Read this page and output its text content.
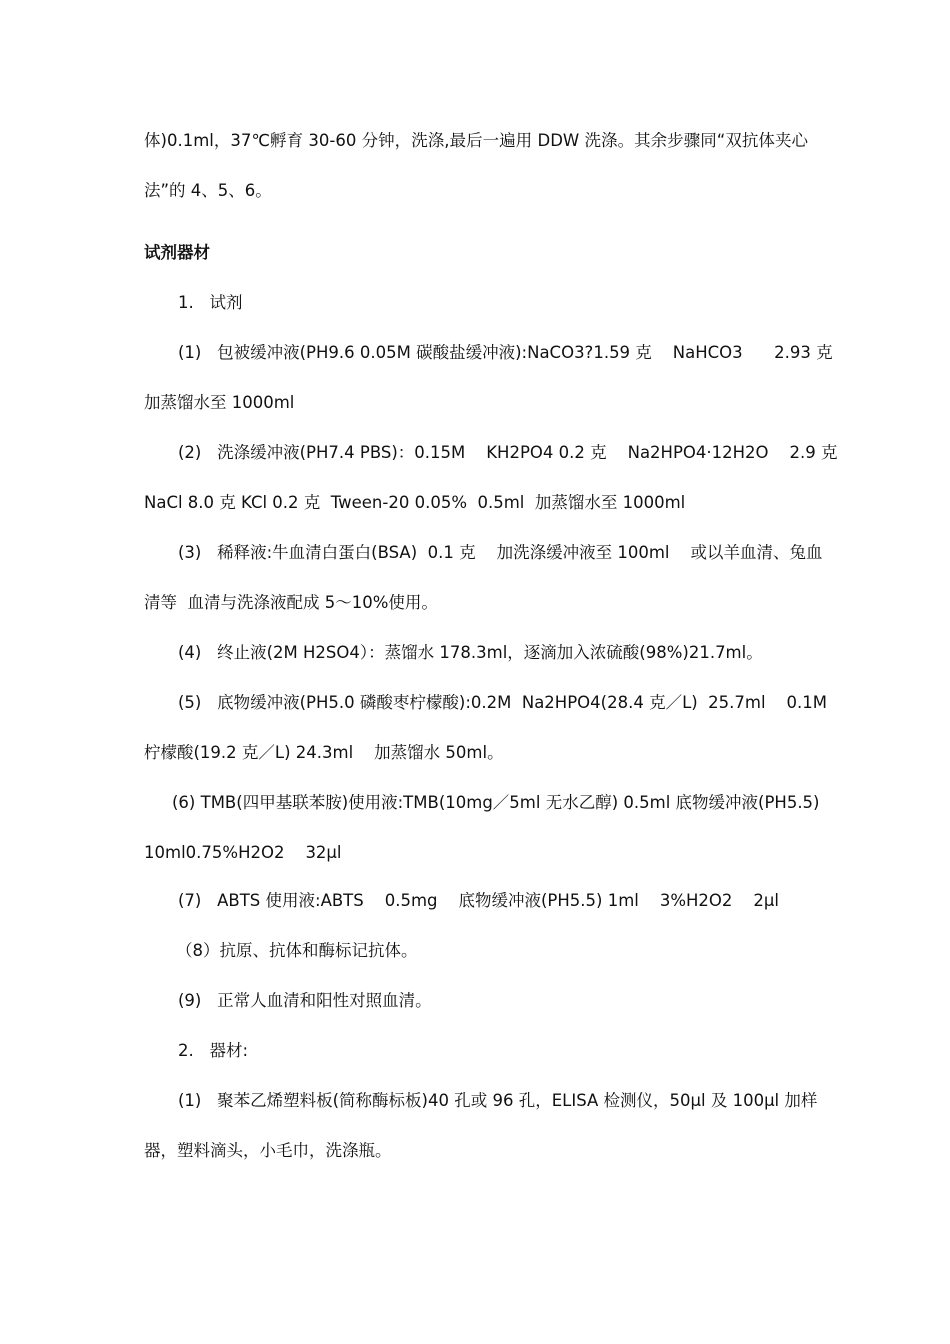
体)0.1ml，37℃孵育 30-60 分钟，洗涤,最后一遍用 DDW 洗涤。其余步骤同“双抗体夹心
法”的 4、5、6。
试剂器材
1.   试剂
(1)   包被缓冲液(PH9.6 0.05M 碳酸盐缓冲液):NaCO3?1.59 克    NaHCO3      2.93 克
加蒸馏水至 1000ml
(2)   洗涤缓冲液(PH7.4 PBS)：0.15M    KH2PO4 0.2 克    Na2HPO4·12H2O    2.9 克
NaCl 8.0 克 KCl 0.2 克  Tween-20 0.05%  0.5ml  加蒸馏水至 1000ml
(3)   稀释液:牛血清白蛋白(BSA)  0.1 克    加洗涤缓冲液至 100ml    或以羊血清、兔血
清等  血清与洗涤液配成 5～10%使用。
(4)   终止液(2M H2SO4）：蒸馏水 178.3ml，逐滴加入浓硫酸(98%)21.7ml。
(5)   底物缓冲液(PH5.0 磷酸枣柠檬酸):0.2M  Na2HPO4(28.4 克／L)  25.7ml    0.1M
柠檬酸(19.2 克／L) 24.3ml    加蒸馏水 50ml。
(6) TMB(四甲基联苯胺)使用液:TMB(10mg／5ml 无水乙醇) 0.5ml 底物缓冲液(PH5.5)
10ml0.75%H2O2    32μl
(7)   ABTS 使用液:ABTS    0.5mg    底物缓冲液(PH5.5) 1ml    3%H2O2    2μl
（8）抗原、抗体和酶标记抗体。
(9)   正常人血清和阳性对照血清。
2.   器材:
(1)   聚苯乙烯塑料板(简称酶标板)40 孔或 96 孔，ELISA 检测仪，50μl 及 100μl 加样
器，塑料滴头，小毛巾，洗涤瓶。
